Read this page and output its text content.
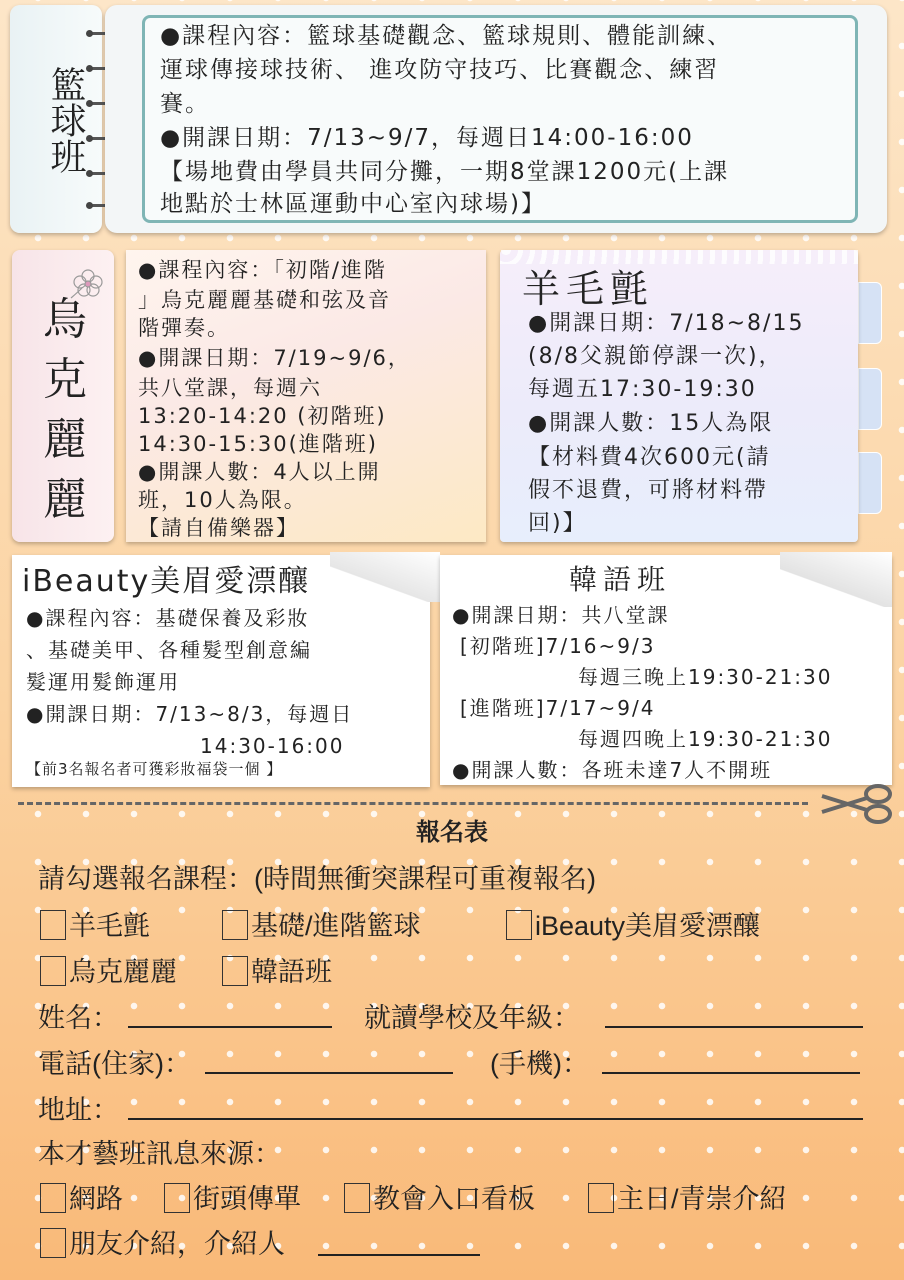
籃球班
●課程內容：籃球基礎觀念、籃球規則、體能訓練、
運球傳接球技術、 進攻防守技巧、比賽觀念、練習
賽。
●開課日期：7/13~9/7，每週日14:00-16:00
【場地費由學員共同分攤，一期8堂課1200元(上課
地點於士林區運動中心室內球場)】
烏
克
麗
麗
●課程內容：「初階/進階
」烏克麗麗基礎和弦及音
階彈奏。
●開課日期：7/19~9/6，
共八堂課，每週六
13:20-14:20 (初階班)
14:30-15:30(進階班)
●開課人數：4人以上開
班，10人為限。
【請自備樂器】
羊毛氈
●開課日期：7/18~8/15
(8/8父親節停課一次)，
每週五17:30-19:30
●開課人數：15人為限
【材料費4次600元(請
假不退費，可將材料帶
回)】
iBeauty美眉愛漂釀
●課程內容：基礎保養及彩妝
、基礎美甲、各種髮型創意編
髮運用髮飾運用
●開課日期：7/13~8/3，每週日
14:30-16:00
【前3名報名者可獲彩妝福袋一個 】
韓語班
●開課日期：共八堂課
[初階班]7/16~9/3
每週三晚上19:30-21:30
[進階班]7/17~9/4
每週四晚上19:30-21:30
●開課人數：各班未達7人不開班
報名表
請勾選報名課程：(時間無衝突課程可重複報名)
羊毛氈	基礎/進階籃球	iBeauty美眉愛漂釀
烏克麗麗	韓語班
姓名：	就讀學校及年級：
電話(住家)：	(手機)：
地址：
本才藝班訊息來源：
網路	街頭傳單	教會入口看板	主日/青崇介紹
朋友介紹，介紹人
